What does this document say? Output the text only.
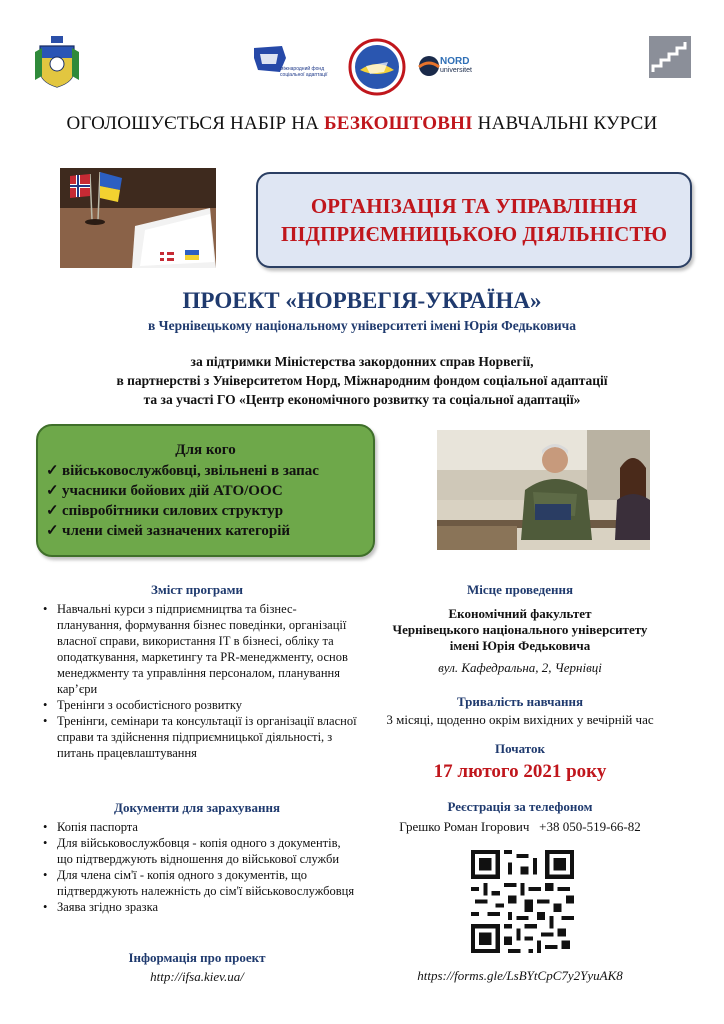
міжнародний фонд соціальної адаптації
NORD
universitet
ОГОЛОШУЄТЬСЯ НАБІР НА БЕЗКОШТОВНІ НАВЧАЛЬНІ КУРСИ
ОРГАНІЗАЦІЯ ТА УПРАВЛІННЯ
ПІДПРИЄМНИЦЬКОЮ ДІЯЛЬНІСТЮ
ПРОЕКТ «НОРВЕГІЯ-УКРАЇНА»
в Чернівецькому національному університеті імені Юрія Федьковича
за підтримки Міністерства закордонних справ Норвегії,
в партнерстві з Університетом Норд, Міжнародним фондом соціальної адаптації
та за участі ГО «Центр економічного розвитку та соціальної адаптації»
Для кого
✓ військовослужбовці, звільнені в запас
✓ учасники бойових дій АТО/ООС
✓ співробітники силових структур
✓ члени сімей зазначених категорій
Зміст програми
• Навчальні курси з підприємництва та бізнес-планування, формування бізнес поведінки, організації власної справи, використання ІТ в бізнесі, обліку та оподаткування, маркетингу та PR-менеджменту, основ менеджменту та управління персоналом, планування кар’єри
• Тренінги з особистісного розвитку
• Тренінги, семінари та консультації із організації власної справи та здійснення підприємницької діяльності, з питань працевлаштування
Документи для зарахування
• Копія паспорта
• Для військовослужбовця - копія одного з документів, що підтверджують відношення до військової служби
• Для члена сім'ї - копія одного з документів, що підтверджують належність до сім'ї військовослужбовця
• Заява згідно зразка
Інформація про проект
http://ifsa.kiev.ua/
Місце проведення
Економічний факультет
Чернівецького національного університету
імені Юрія Федьковича
вул. Кафедральна, 2, Чернівці
Тривалість навчання
3 місяці, щоденно окрім вихідних у вечірній час
Початок
17 лютого 2021 року
Реєстрація за телефоном
Грешко Роман Ігорович +38 050-519-66-82
https://forms.gle/LsBYtCpC7y2YyuAK8
